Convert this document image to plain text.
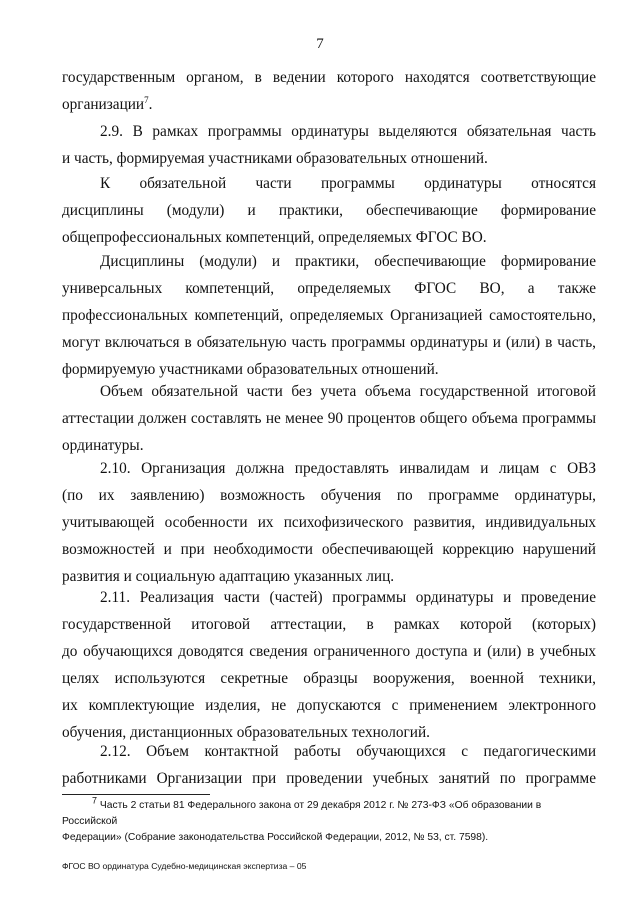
7

государственным органом, в ведении которого находятся соответствующие

организации$^7$.

2.9. В рамках программы ординатуры выделяются обязательная часть

и часть, формируемая участниками образовательных отношений.

К обязательной части программы ординатуры относятся

дисциплины (модули) и практики, обеспечивающие формирование

общепрофессиональных компетенций, определяемых ФГОС ВО.

Дисциплины (модули) и практики, обеспечивающие формирование

универсальных компетенций, определяемых ФГОС ВО, а также

профессиональных компетенций, определяемых Организацией самостоятельно,

могут включаться в обязательную часть программы ординатуры и (или) в часть,

формируемую участниками образовательных отношений.

Объем обязательной части без учета объема государственной итоговой

аттестации должен составлять не менее 90 процентов общего объема программы

ординатуры.

2.10. Организация должна предоставлять инвалидам и лицам с ОВЗ

(по их заявлению) возможность обучения по программе ординатуры,

учитывающей особенности их психофизического развития, индивидуальных

возможностей и при необходимости обеспечивающей коррекцию нарушений

развития и социальную адаптацию указанных лиц.

2.11. Реализация части (частей) программы ординатуры и проведение

государственной итоговой аттестации, в рамках которой (которых)

до обучающихся доводятся сведения ограниченного доступа и (или) в учебных

целях используются секретные образцы вооружения, военной техники,

их комплектующие изделия, не допускаются с применением электронного

обучения, дистанционных образовательных технологий.

2.12. Объем контактной работы обучающихся с педагогическими

работниками Организации при проведении учебных занятий по программе

$^7$ Часть 2 статьи 81 Федерального закона от 29 декабря 2012 г. № 273-ФЗ «Об образовании в Российской
Федерации» (Собрание законодательства Российской Федерации, 2012, № 53, ст. 7598).
ФГОС ВО ординатура Судебно-медицинская экспертиза – 05
